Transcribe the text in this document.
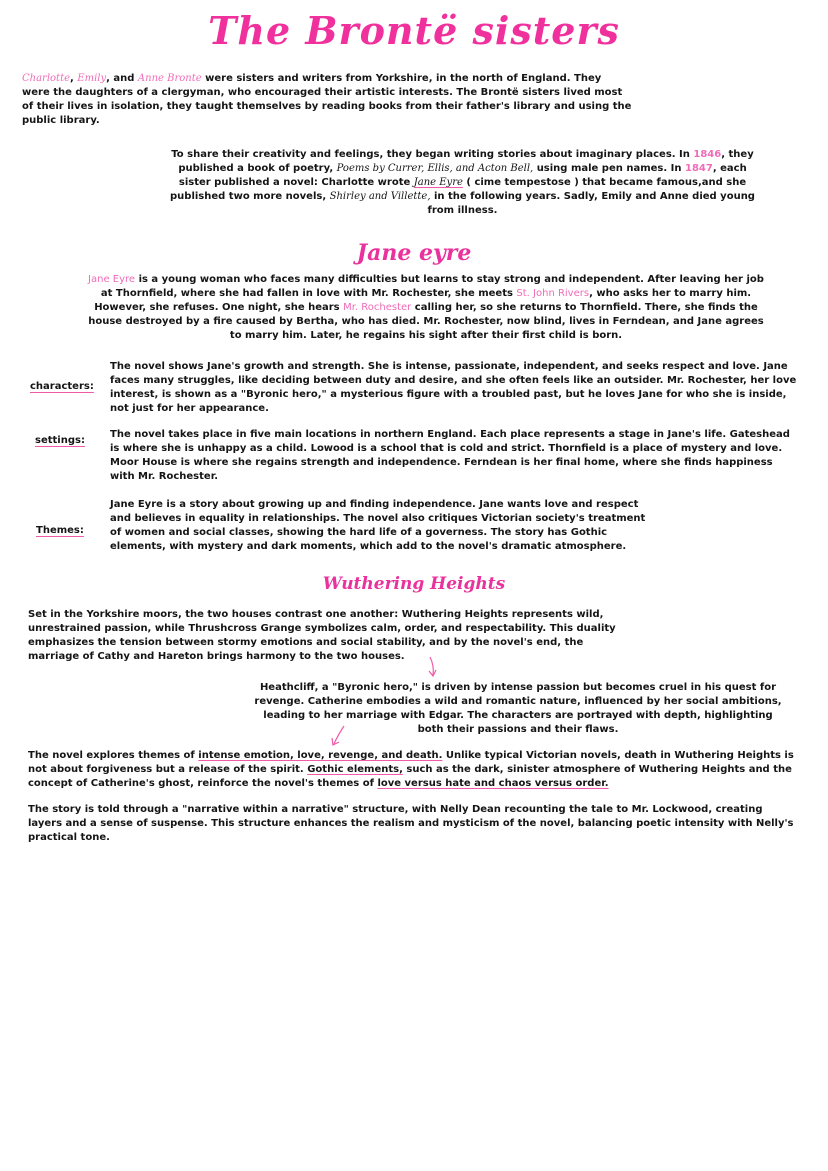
The Brontë sisters

Charlotte, Emily, and Anne Bronte were sisters and writers from Yorkshire, in the north of England. They were the daughters of a clergyman, who encouraged their artistic interests. The Brontë sisters lived most of their lives in isolation, they taught themselves by reading books from their father's library and using the public library.

To share their creativity and feelings, they began writing stories about imaginary places. In 1846, they published a book of poetry, Poems by Currer, Ellis, and Acton Bell, using male pen names. In 1847, each sister published a novel: Charlotte wrote Jane Eyre ( cime tempestose ) that became famous,and she published two more novels, Shirley and Villette, in the following years. Sadly, Emily and Anne died young from illness.

Jane eyre

Jane Eyre is a young woman who faces many difficulties but learns to stay strong and independent. After leaving her job at Thornfield, where she had fallen in love with Mr. Rochester, she meets St. John Rivers, who asks her to marry him. However, she refuses. One night, she hears Mr. Rochester calling her, so she returns to Thornfield. There, she finds the house destroyed by a fire caused by Bertha, who has died. Mr. Rochester, now blind, lives in Ferndean, and Jane agrees to marry him. Later, he regains his sight after their first child is born.

characters:

The novel shows Jane's growth and strength. She is intense, passionate, independent, and seeks respect and love. Jane faces many struggles, like deciding between duty and desire, and she often feels like an outsider. Mr. Rochester, her love interest, is shown as a "Byronic hero," a mysterious figure with a troubled past, but he loves Jane for who she is inside, not just for her appearance.

settings:

The novel takes place in five main locations in northern England. Each place represents a stage in Jane's life. Gateshead is where she is unhappy as a child. Lowood is a school that is cold and strict. Thornfield is a place of mystery and love. Moor House is where she regains strength and independence. Ferndean is her final home, where she finds happiness with Mr. Rochester.

Themes:

Jane Eyre is a story about growing up and finding independence. Jane wants love and respect and believes in equality in relationships. The novel also critiques Victorian society's treatment of women and social classes, showing the hard life of a governess. The story has Gothic elements, with mystery and dark moments, which add to the novel's dramatic atmosphere.

Wuthering Heights

Set in the Yorkshire moors, the two houses contrast one another: Wuthering Heights represents wild, unrestrained passion, while Thrushcross Grange symbolizes calm, order, and respectability. This duality emphasizes the tension between stormy emotions and social stability, and by the novel's end, the marriage of Cathy and Hareton brings harmony to the two houses.

Heathcliff, a "Byronic hero," is driven by intense passion but becomes cruel in his quest for revenge. Catherine embodies a wild and romantic nature, influenced by her social ambitions, leading to her marriage with Edgar. The characters are portrayed with depth, highlighting both their passions and their flaws.

The novel explores themes of intense emotion, love, revenge, and death. Unlike typical Victorian novels, death in Wuthering Heights is not about forgiveness but a release of the spirit. Gothic elements, such as the dark, sinister atmosphere of Wuthering Heights and the concept of Catherine's ghost, reinforce the novel's themes of love versus hate and chaos versus order.

The story is told through a "narrative within a narrative" structure, with Nelly Dean recounting the tale to Mr. Lockwood, creating layers and a sense of suspense. This structure enhances the realism and mysticism of the novel, balancing poetic intensity with Nelly's practical tone.
